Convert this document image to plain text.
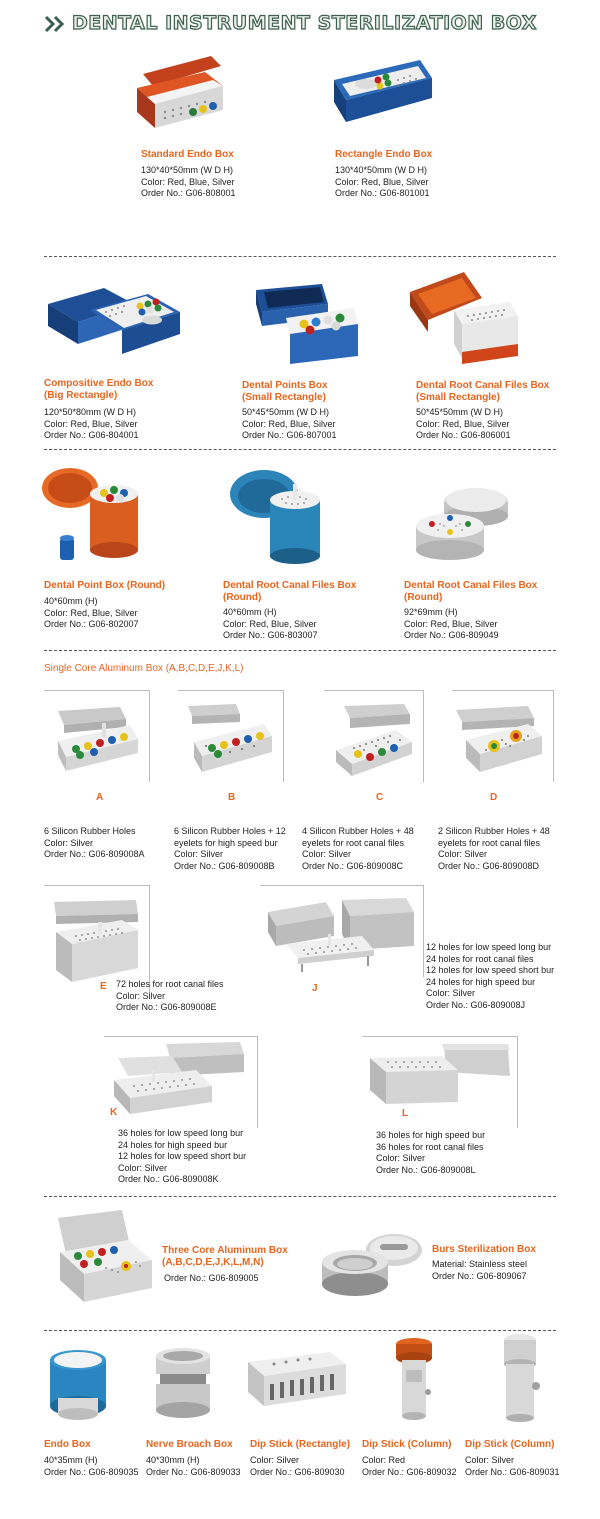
DENTAL INSTRUMENT STERILIZATION BOX
Standard Endo Box
130*40*50mm (W D H)
Color: Red, Blue, Silver
Order No.: G06-808001
Rectangle Endo Box
130*40*50mm (W D H)
Color: Red, Blue, Silver
Order No.: G06-801001
Compositive Endo Box
(Big Rectangle)
120*50*80mm (W D H)
Color: Red, Blue, Silver
Order No.: G06-804001
Dental Points Box
(Small Rectangle)
50*45*50mm (W D H)
Color: Red, Blue, Silver
Order No.: G06-807001
Dental Root Canal Files Box
(Small Rectangle)
50*45*50mm (W D H)
Color: Red, Blue, Silver
Order No.: G06-806001
Dental Point Box (Round)
40*60mm (H)
Color: Red, Blue, Silver
Order No.: G06-802007
Dental Root Canal Files Box
(Round)
40*60mm (H)
Color: Red, Blue, Silver
Order No.: G06-803007
Dental Root Canal Files Box
(Round)
92*69mm (H)
Color: Red, Blue, Silver
Order No.: G06-809049
Single Core Aluminum Box (A,B,C,D,E,J,K,L)
A
6 Silicon Rubber Holes
Color: Silver
Order No.: G06-809008A
B
6 Silicon Rubber Holes + 12
eyelets for high speed bur
Color: Silver
Order No.: G06-809008B
C
4 Silicon Rubber Holes + 48
eyelets for root canal files
Color: Silver
Order No.: G06-809008C
D
2 Silicon Rubber Holes + 48
eyelets for root canal files
Color: Silver
Order No.: G06-809008D
E 72 holes for root canal files
Color: Silver
Order No.: G06-809008E
J
12 holes for low speed long bur
24 holes for root canal files
12 holes for low speed short bur
24 holes for high speed bur
Color: Silver
Order No.: G06-809008J
K
36 holes for low speed long bur
24 holes for high speed bur
12 holes for low speed short bur
Color: Silver
Order No.: G06-809008K
L
36 holes for high speed bur
36 holes for root canal files
Color: Silver
Order No.: G06-809008L
Three Core Aluminum Box
(A,B,C,D,E,J,K,L,M,N)
Order No.: G06-809005
Burs Sterilization Box
Material: Stainless steel
Order No.: G06-809067
Endo Box
40*35mm (H)
Order No.: G06-809035
Nerve Broach Box
40*30mm (H)
Order No.: G06-809033
Dip Stick (Rectangle)
Color: Silver
Order No.: G06-809030
Dip Stick (Column)
Color: Red
Order No.: G06-809032
Dip Stick (Column)
Color: Silver
Order No.: G06-809031
